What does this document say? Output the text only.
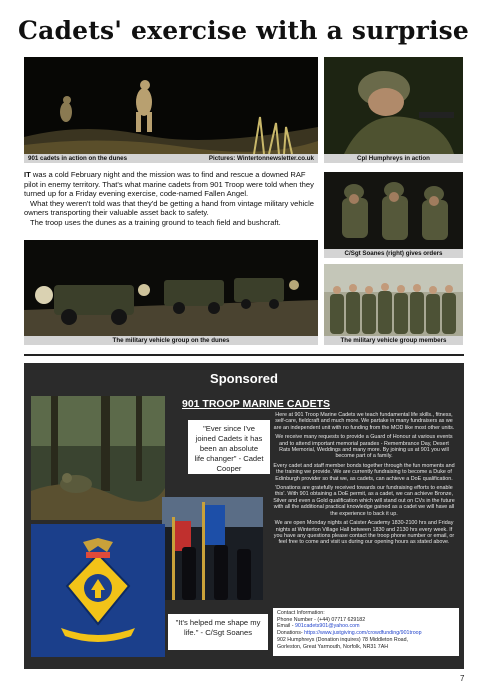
Cadets' exercise with a surprise
901 cadets in action on the dunes	Pictures: Wintertonnewsletter.co.uk	Cpl Humphreys in action

IT was a cold February night and the mission was to find and rescue a downed RAF pilot in enemy territory. That's what marine cadets from 901 Troop were told when they turned up for a Friday evening exercise, code-named Fallen Angel.

What they weren't told was that they'd be getting a hand from vintage military vehicle owners transporting their valuable asset back to safety.

The troop uses the dunes as a training ground to teach field and bushcraft.

C/Sgt Soanes (right) gives orders
The military vehicle group on the dunes	The military vehicle group members
Sponsored
901 TROOP MARINE CADETS
"Ever since I've joined Cadets it has been an absolute life changer" - Cadet Cooper
"It's helped me shape my life." - C/Sgt Soanes

Here at 901 Troop Marine Cadets we teach fundamental life skills., fitness, self-care, fieldcraft and much more. We partake in many fundraisers as we are an independent unit with no funding from the MOD like most other units.

We receive many requests to provide a Guard of Honour at various events and to attend important memorial parades - Remembrance Day, Desert Rats Memorial, Weddings and many more. By joining us at 901 you will become part of a family.

Every cadet and staff member bonds together through the fun moments and the training we provide. We are currently fundraising to become a Duke of Edinburgh provider so that we, as cadets, can achieve a DoE qualification.

'Donations are gratefully received towards our fundraising efforts to enable this'. With 901 obtaining a DoE permit, as a cadet, we can achieve Bronze, Silver and even a Gold qualification which will stand out on CVs in the future with all the additional practical knowledge gained as a cadet we will have all the experience to back it up.

We are open Monday nights at Caister Academy 1830-2100 hrs and Friday nights at Winterton Village Hall between 1830 and 2130 hrs every week. If you have any questions please contact the troop phone number or email, or feel free to come and visit us during our opening hours as stated above.

Contact Information:
Phone Number - (+44) 07717 629182
Email - 901cadets901@yahoo.com
Donations- https://www.justgiving.com/crowdfunding/901troop
902 Humphreys (Donation inquires) 78 Middleton Road,
Gorleston, Great Yarmouth, Norfolk, NR31 7AH
7
